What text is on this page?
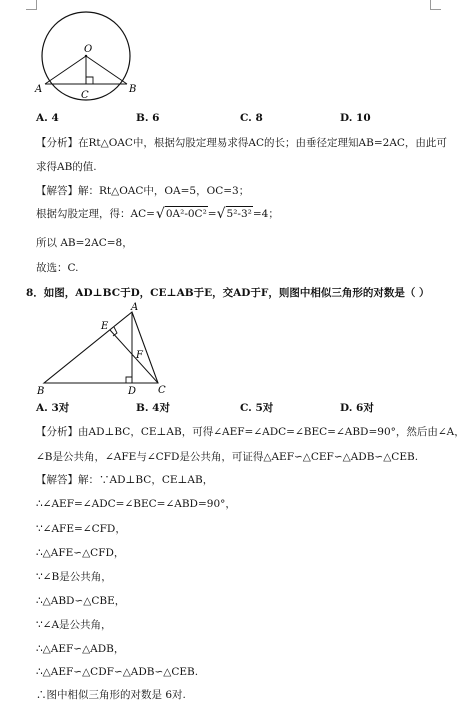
O
A	B
C
A. 4	B. 6	C. 8	D. 10
【分析】在Rt△OAC中，根据勾股定理易求得AC的长；由垂径定理知AB=2AC，由此可
求得AB的值.
【解答】解：Rt△OAC中，OA=5，OC=3；
根据勾股定理，得：AC= √ 0A²-0C² = √ 5²-3² =4；
所以 AB=2AC=8，
故选：C.
8．如图，AD⊥BC于D，CE⊥AB于E，交AD于F，则图中相似三角形的对数是（ ）
A
E
F
B	D C
A. 3对	B. 4对	C. 5对	D. 6对
【分析】由AD⊥BC，CE⊥AB，可得∠AEF=∠ADC=∠BEC=∠ABD=90°，然后由∠A，
∠B是公共角，∠AFE与∠CFD是公共角，可证得△AEF∽△CEF∽△ADB∽△CEB.
【解答】解：∵AD⊥BC，CE⊥AB，
∴∠AEF=∠ADC=∠BEC=∠ABD=90°，
∵∠AFE=∠CFD，
∴△AFE∽△CFD，
∵∠B是公共角，
∴△ABD∽△CBE，
∵∠A是公共角，
∴△AEF∽△ADB，
∴△AEF∽△CDF∽△ADB∽△CEB.
∴图中相似三角形的对数是 6对.
